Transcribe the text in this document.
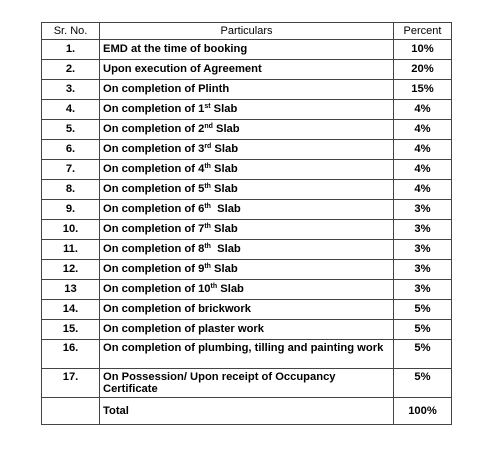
Sr. No.	Particulars	Percent
1.	EMD at the time of booking	10%
2.	Upon execution of Agreement	20%
3.	On completion of Plinth	15%
4.	On completion of 1st Slab	4%
5.	On completion of 2nd Slab	4%
6.	On completion of 3rd Slab	4%
7.	On completion of 4th Slab	4%
8.	On completion of 5th Slab	4%
9.	On completion of 6th  Slab	3%
10.	On completion of 7th Slab	3%
11.	On completion of 8th  Slab	3%
12.	On completion of 9th Slab	3%
13	On completion of 10th Slab	3%
14.	On completion of brickwork	5%
15.	On completion of plaster work	5%
16.	On completion of plumbing, tilling and painting work	5%
17.	On Possession/ Upon receipt of Occupancy Certificate	5%
	Total	100%
